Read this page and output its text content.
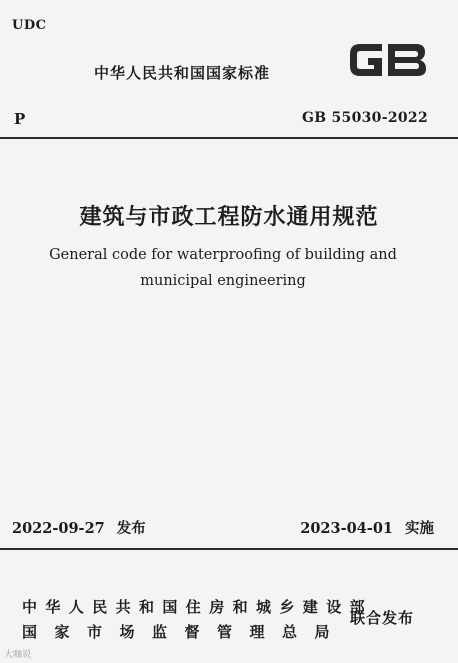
UDC
中华人民共和国国家标准
P	GB 55030-2022
建筑与市政工程防水通用规范
General code for waterproofing of building and
municipal engineering
2022-09-27 发布	2023-04-01 实施
中华人民共和国住房和城乡建设部
国家市场监督管理总局
联合发布
大咖说
